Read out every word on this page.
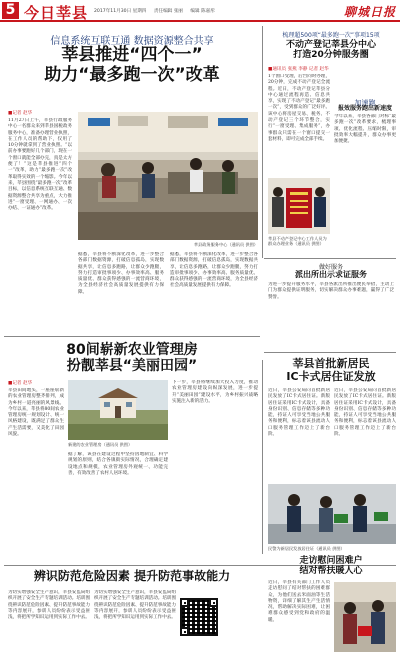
5 今日莘县 2017年11月30日 星期四 责任编辑 张丽 编辑 陈嘉彤	聊城日报
信息系统互联互通 数据资源整合共享
莘县推进“四个一”
助力“最多跑一次”改革
■记者 赵华
11月27日上午，莘县行政服务中心一名群众来到莘县国税政务服务中心，准备办理营业执照，在工作人员的帮助下，仅用了10分钟就拿到了营业执照。“以前办事要跑好几个部门，现在一个窗口就能全部办完，真是太方便了！”这是莘县推进“四个一”改革，助力“最多跑一次”改革取得实效的一个缩影。今年以来，莘县围绕“最多跑一次”改革目标，以信息系统互联互通、数据资源整合共享为重点，大力推进“一窗受理、一网通办、一次办结、一证通办”改革。
莘县政务服务中心（通讯员 供图）
据悉，莘县将不断深化改革，进一步整合各部门数据资源，打破信息孤岛，实现数据共享，让信息多跑路，让群众少跑腿，努力打造审批事项少、办事效率高、服务质量优、群众获得感强的一流营商环境，为全县经济社会高质量发展提供有力保障。
据悉，莘县将不断深化改革，进一步整合各部门数据资源，打破信息孤岛，实现数据共享，让信息多跑路，让群众少跑腿，努力打造审批事项少、办事效率高、服务质量优、群众获得感强的一流营商环境，为全县经济社会高质量发展提供有力保障。
梳理超500项“最多跑一次”事项15项
不动产登记莘县分中心
打造20分钟服务圈
■通讯员 张燕 李静 记者 赵华
1个窗口受理，后台同时办理，20分钟，完成不动产登记全流程。近日，不动产登记莘县分中心通过流程再造、信息共享，实现了不动产登记“最多跑一次”，受到群众的广泛好评。该中心将房屋交易、税务、不动产登记三个环节整合，实行“一窗受理、集成服务”，办事群众只需在一个窗口提交一套材料，即可完成全部手续。
加速跑
报效服务跑出新速度
今年以来，莘县各部门对标“最多跑一次”改革要求，梳理事项、优化流程、压缩时限，审批效率大幅提升，群众办事更加便捷。
莘县不动产登记中心工作人员为群众办理业务（通讯员 供图）
做好服务
派出所出示求证服务
为进一步提升服务水平，莘县各派出所推出便民举措，主动上门为群众提供证明服务，切实解决群众办事难题，赢得了广泛赞誉。
80间崭新农业管理房
扮靓莘县“美丽田园”
■记者 赵华
莘县田间地头，一座座崭新的农业管理房整齐排列，成为乡村一道亮丽的风景线。今年以来，莘县将80间农业管理房统一规划设计、统一风格建设，既满足了群众生产生活需要，又美化了田园风貌。
新建的农业管理房（通讯员 供图）
据了解，该县在建设过程中坚持因地制宜、科学规划的原则，结合各镇街实际情况，合理确定建设地点和规模，农业管理房外观统一、功能完善，有效改善了农村人居环境。
下一步，莘县将继续加大投入力度，推动农业管理房建设向纵深发展，进一步提升“美丽田园”建设水平，为乡村振兴战略实施注入新的活力。
莘县首批新居民
IC卡式居住证发放
近日，莘县公安局向首批新居民发放了IC卡式居住证。新版居住证采用IC卡式设计，具备身份识别、信息存储等多种功能，持证人可享受当地公共服务和便利，标志着该县流动人口服务管理工作迈上了新台阶。
近日，莘县公安局向首批新居民发放了IC卡式居住证。新版居住证采用IC卡式设计，具备身份识别、信息存储等多种功能，持证人可享受当地公共服务和便利，标志着该县流动人口服务管理工作迈上了新台阶。
民警为新居民发放居住证（通讯员 供图）
辨识防范危险因素 提升防范事故能力
为切实增强安全生产意识，莘县安监局组织开展了安全生产专题培训活动。培训围绕辨识防范危险因素、提升防范事故能力等内容展开，参训人员纷纷表示受益匪浅，将把所学知识运用到实际工作中去。
为切实增强安全生产意识，莘县安监局组织开展了安全生产专题培训活动。培训围绕辨识防范危险因素、提升防范事故能力等内容展开，参训人员纷纷表示受益匪浅，将把所学知识运用到实际工作中去。
走访慰问困难户
结对帮扶暖人心
近日，莘县有关部门工作人员走访慰问了结对帮扶的困难群众，为他们送去米面油等生活物资，详细了解其生产生活情况，帮助解决实际困难，让困难群众感受到党和政府的温暖。
